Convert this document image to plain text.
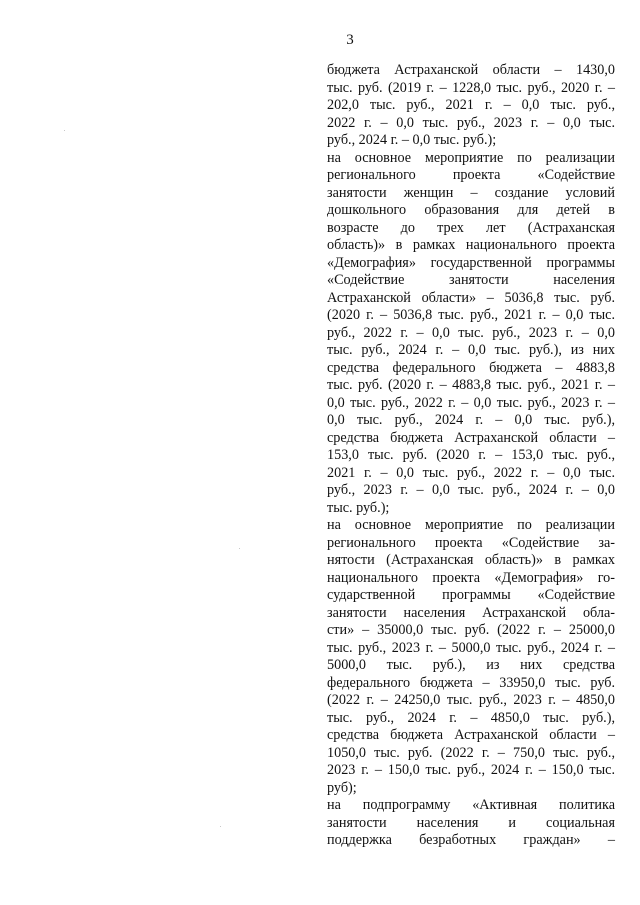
3
бюджета Астраханской области – 1430,0
тыс. руб. (2019 г. – 1228,0 тыс. руб., 2020 г. –
202,0 тыс. руб., 2021 г. – 0,0 тыс. руб.,
2022 г. – 0,0 тыс. руб., 2023 г. – 0,0 тыс.
руб., 2024 г. – 0,0 тыс. руб.);
на основное мероприятие по реализации
регионального проекта «Содействие
занятости женщин – создание условий
дошкольного образования для детей в
возрасте до трех лет (Астраханская
область)» в рамках национального проекта
«Демография» государственной программы
«Содействие занятости населения
Астраханской области» – 5036,8 тыс. руб.
(2020 г. – 5036,8 тыс. руб., 2021 г. – 0,0 тыс.
руб., 2022 г. – 0,0 тыс. руб., 2023 г. – 0,0
тыс. руб., 2024 г. – 0,0 тыс. руб.), из них
средства федерального бюджета – 4883,8
тыс. руб. (2020 г. – 4883,8 тыс. руб., 2021 г. –
0,0 тыс. руб., 2022 г. – 0,0 тыс. руб., 2023 г. –
0,0 тыс. руб., 2024 г. – 0,0 тыс. руб.),
средства бюджета Астраханской области –
153,0 тыс. руб. (2020 г. – 153,0 тыс. руб.,
2021 г. – 0,0 тыс. руб., 2022 г. – 0,0 тыс.
руб., 2023 г. – 0,0 тыс. руб., 2024 г. – 0,0
тыс. руб.);
на основное мероприятие по реализации
регионального проекта «Содействие за-
нятости (Астраханская область)» в рамках
национального проекта «Демография» го-
сударственной программы «Содействие
занятости населения Астраханской обла-
сти» – 35000,0 тыс. руб. (2022 г. – 25000,0
тыс. руб., 2023 г. – 5000,0 тыс. руб., 2024 г. –
5000,0 тыс. руб.), из них средства
федерального бюджета – 33950,0 тыс. руб.
(2022 г. – 24250,0 тыс. руб., 2023 г. – 4850,0
тыс. руб., 2024 г. – 4850,0 тыс. руб.),
средства бюджета Астраханской области –
1050,0 тыс. руб. (2022 г. – 750,0 тыс. руб.,
2023 г. – 150,0 тыс. руб., 2024 г. – 150,0 тыс.
руб);
на подпрограмму «Активная политика
занятости населения и социальная
поддержка безработных граждан» –
